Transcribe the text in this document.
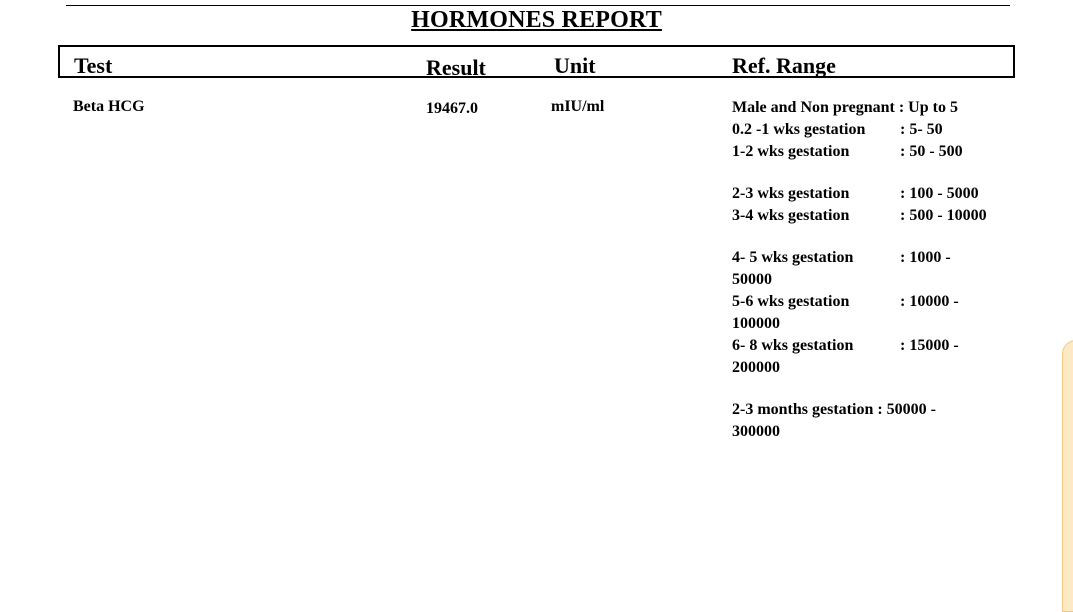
HORMONES REPORT
Test	Result	Unit	Ref. Range
Beta HCG	19467.0	mIU/ml	Male and Non pregnant : Up to 5
0.2 -1 wks gestation : 5- 50
1-2 wks gestation	: 50 - 500
2-3 wks gestation	: 100 - 5000
3-4 wks gestation	: 500 - 10000
4- 5 wks gestation	: 1000 -
50000
5-6 wks gestation	: 10000 -
100000
6- 8 wks gestation	: 15000 -
200000
2-3 months gestation : 50000 -
300000
